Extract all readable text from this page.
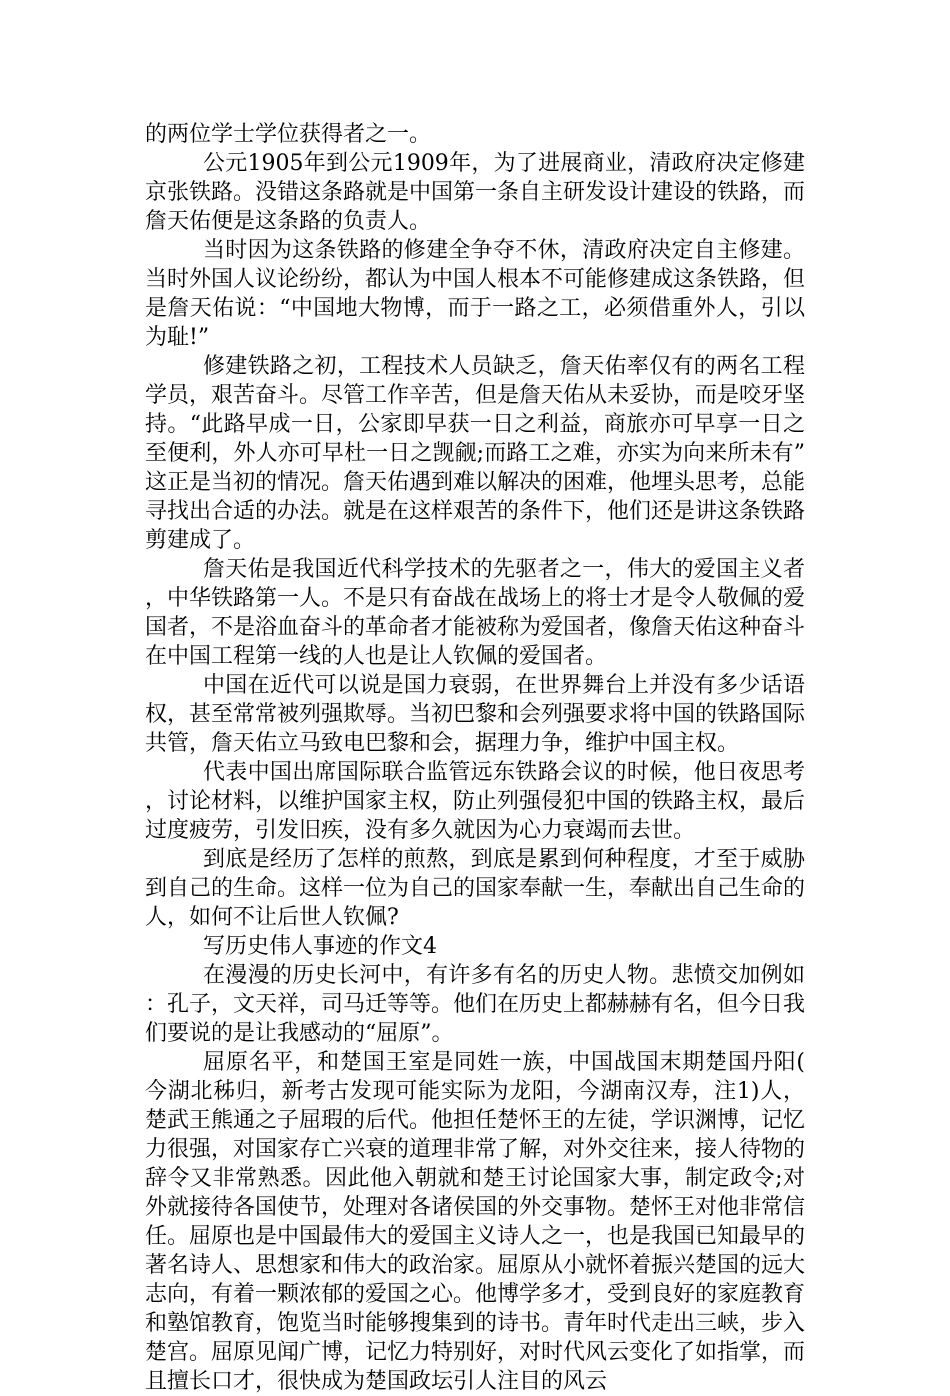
的两位学士学位获得者之一。

公元1905年到公元1909年，为了进展商业，清政府决定修建京张铁路。没错这条路就是中国第一条自主研发设计建设的铁路，而詹天佑便是这条路的负责人。

当时因为这条铁路的修建全争夺不休，清政府决定自主修建。当时外国人议论纷纷，都认为中国人根本不可能修建成这条铁路，但是詹天佑说：“中国地大物博，而于一路之工，必须借重外人，引以为耻!”

修建铁路之初，工程技术人员缺乏，詹天佑率仅有的两名工程学员，艰苦奋斗。尽管工作辛苦，但是詹天佑从未妥协，而是咬牙坚持。“此路早成一日，公家即早获一日之利益，商旅亦可早享一日之至便利，外人亦可早杜一日之觊觎;而路工之难，亦实为向来所未有”这正是当初的情况。詹天佑遇到难以解决的困难，他埋头思考，总能寻找出合适的办法。就是在这样艰苦的条件下，他们还是讲这条铁路剪建成了。

詹天佑是我国近代科学技术的先驱者之一，伟大的爱国主义者，中华铁路第一人。不是只有奋战在战场上的将士才是令人敬佩的爱国者，不是浴血奋斗的革命者才能被称为爱国者，像詹天佑这种奋斗在中国工程第一线的人也是让人钦佩的爱国者。

中国在近代可以说是国力衰弱，在世界舞台上并没有多少话语权，甚至常常被列强欺辱。当初巴黎和会列强要求将中国的铁路国际共管，詹天佑立马致电巴黎和会，据理力争，维护中国主权。

代表中国出席国际联合监管远东铁路会议的时候，他日夜思考，讨论材料，以维护国家主权，防止列强侵犯中国的铁路主权，最后过度疲劳，引发旧疾，没有多久就因为心力衰竭而去世。

到底是经历了怎样的煎熬，到底是累到何种程度，才至于威胁到自己的生命。这样一位为自己的国家奉献一生，奉献出自己生命的人，如何不让后世人钦佩?

写历史伟人事迹的作文4

在漫漫的历史长河中，有许多有名的历史人物。悲愤交加例如：孔子，文天祥，司马迁等等。他们在历史上都赫赫有名，但今日我们要说的是让我感动的“屈原”。

屈原名平，和楚国王室是同姓一族，中国战国末期楚国丹阳(今湖北秭归，新考古发现可能实际为龙阳，今湖南汉寿，注1)人，楚武王熊通之子屈瑕的后代。他担任楚怀王的左徒，学识渊博，记忆力很强，对国家存亡兴衰的道理非常了解，对外交往来，接人待物的辞令又非常熟悉。因此他入朝就和楚王讨论国家大事，制定政令;对外就接待各国使节，处理对各诸侯国的外交事物。楚怀王对他非常信任。屈原也是中国最伟大的爱国主义诗人之一，也是我国已知最早的著名诗人、思想家和伟大的政治家。屈原从小就怀着振兴楚国的远大志向，有着一颗浓郁的爱国之心。他博学多才，受到良好的家庭教育和塾馆教育，饱览当时能够搜集到的诗书。青年时代走出三峡，步入楚宫。屈原见闻广博，记忆力特别好，对时代风云变化了如指掌，而且擅长口才，很快成为楚国政坛引人注目的风云
